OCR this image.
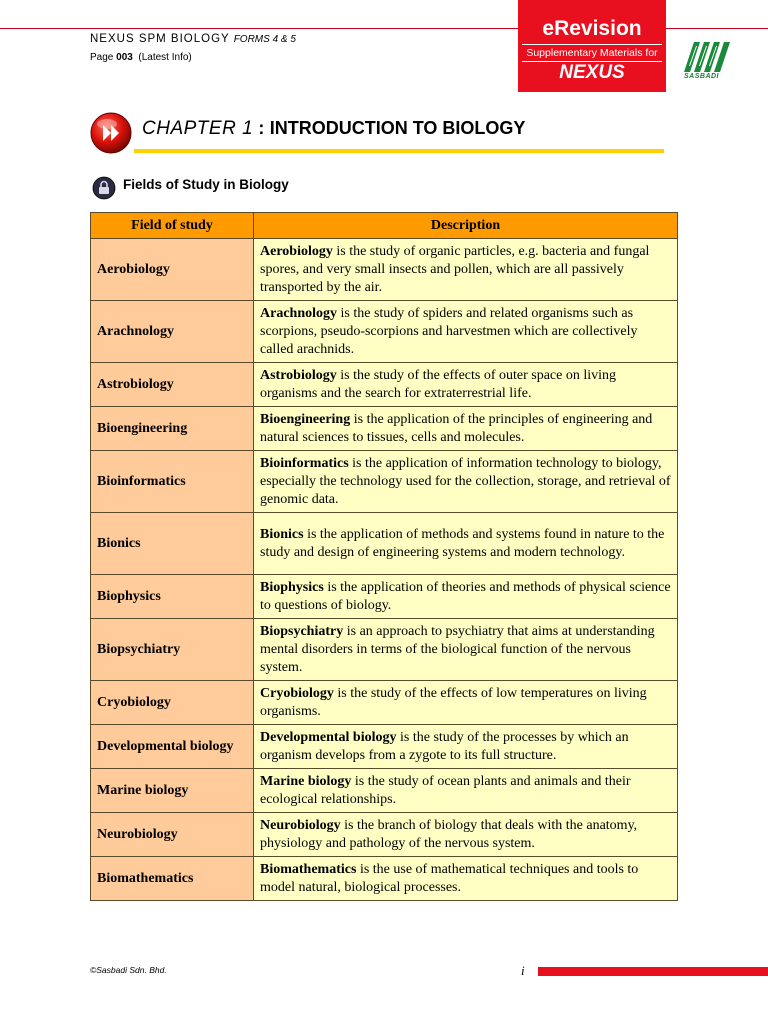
NEXUS SPM BIOLOGY FORMS 4 & 5
Page 003 (Latest Info)
eRevision
Supplementary Materials for
NEXUS	SASBADI
CHAPTER 1 : INTRODUCTION TO BIOLOGY
Fields of Study in Biology
Field of study	Description
Aerobiology	Aerobiology is the study of organic particles, e.g. bacteria and fungal spores, and very small insects and pollen, which are all passively transported by the air.
Arachnology	Arachnology is the study of spiders and related organisms such as scorpions, pseudo-scorpions and harvestmen which are collectively called arachnids.
Astrobiology	Astrobiology is the study of the effects of outer space on living organisms and the search for extraterrestrial life.
Bioengineering	Bioengineering is the application of the principles of engineering and natural sciences to tissues, cells and molecules.
Bioinformatics	Bioinformatics is the application of information technology to biology, especially the technology used for the collection, storage, and retrieval of genomic data.
Bionics	Bionics is the application of methods and systems found in nature to the study and design of engineering systems and modern technology.
Biophysics	Biophysics is the application of theories and methods of physical science to questions of biology.
Biopsychiatry	Biopsychiatry is an approach to psychiatry that aims at understanding mental disorders in terms of the biological function of the nervous system.
Cryobiology	Cryobiology is the study of the effects of low temperatures on living organisms.
Developmental biology	Developmental biology is the study of the processes by which an organism develops from a zygote to its full structure.
Marine biology	Marine biology is the study of ocean plants and animals and their ecological relationships.
Neurobiology	Neurobiology is the branch of biology that deals with the anatomy, physiology and pathology of the nervous system.
Biomathematics	Biomathematics is the use of mathematical techniques and tools to model natural, biological processes.
©Sasbadi Sdn. Bhd.	i
